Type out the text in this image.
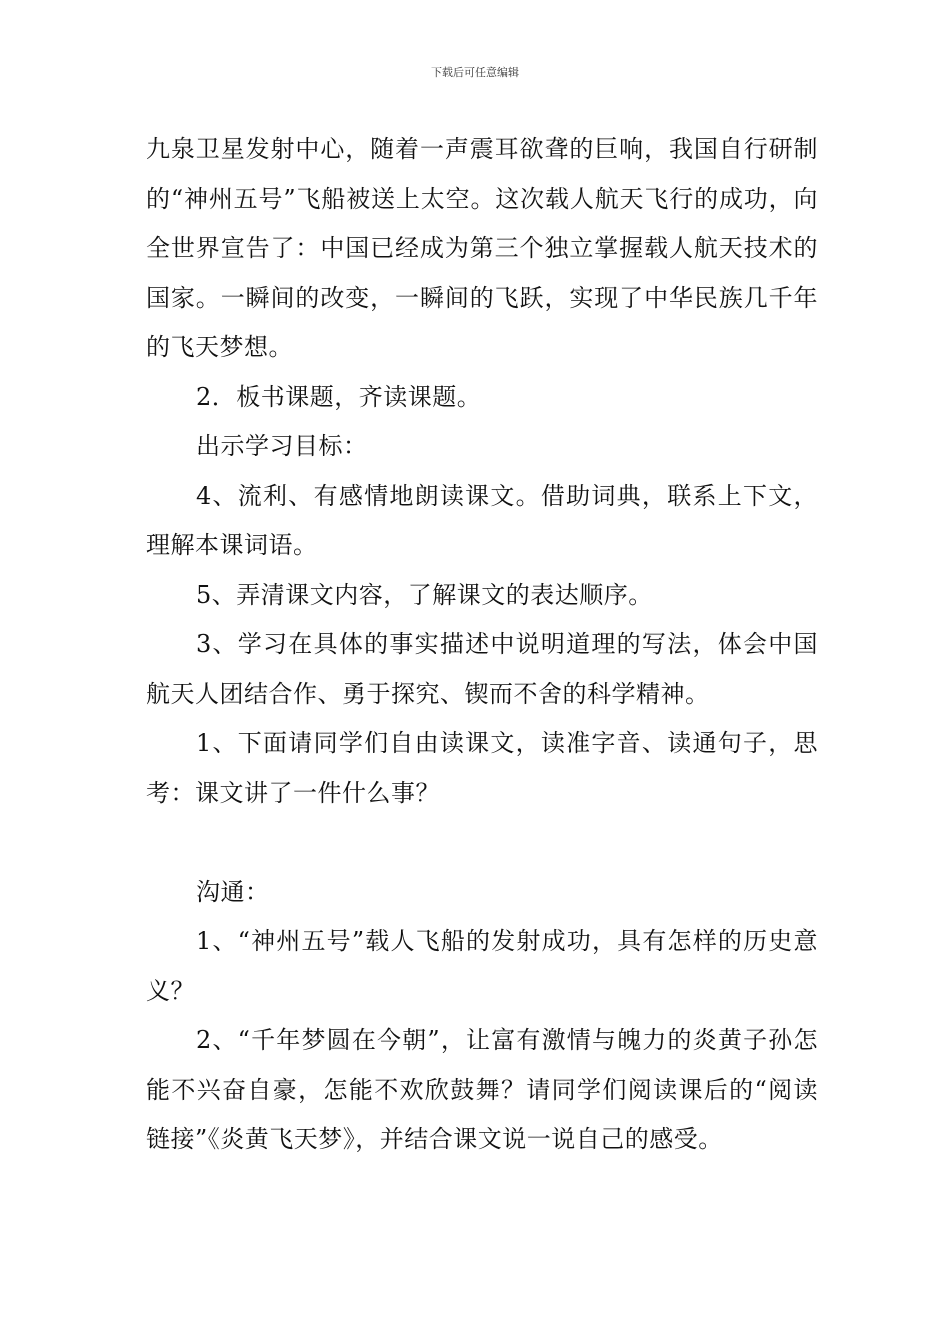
下载后可任意编辑

九泉卫星发射中心，随着一声震耳欲聋的巨响，我国自行研制的“神州五号”飞船被送上太空。这次载人航天飞行的成功，向全世界宣告了：中国已经成为第三个独立掌握载人航天技术的国家。一瞬间的改变，一瞬间的飞跃，实现了中华民族几千年的飞天梦想。

2．板书课题，齐读课题。

出示学习目标：

4、流利、有感情地朗读课文。借助词典，联系上下文，理解本课词语。

5、弄清课文内容，了解课文的表达顺序。

3、学习在具体的事实描述中说明道理的写法，体会中国航天人团结合作、勇于探究、锲而不舍的科学精神。

1、下面请同学们自由读课文，读准字音、读通句子，思考：课文讲了一件什么事？

沟通：

1、“神州五号”载人飞船的发射成功，具有怎样的历史意义？

2、“千年梦圆在今朝”，让富有激情与魄力的炎黄子孙怎能不兴奋自豪，怎能不欢欣鼓舞？请同学们阅读课后的“阅读链接”《炎黄飞天梦》，并结合课文说一说自己的感受。
